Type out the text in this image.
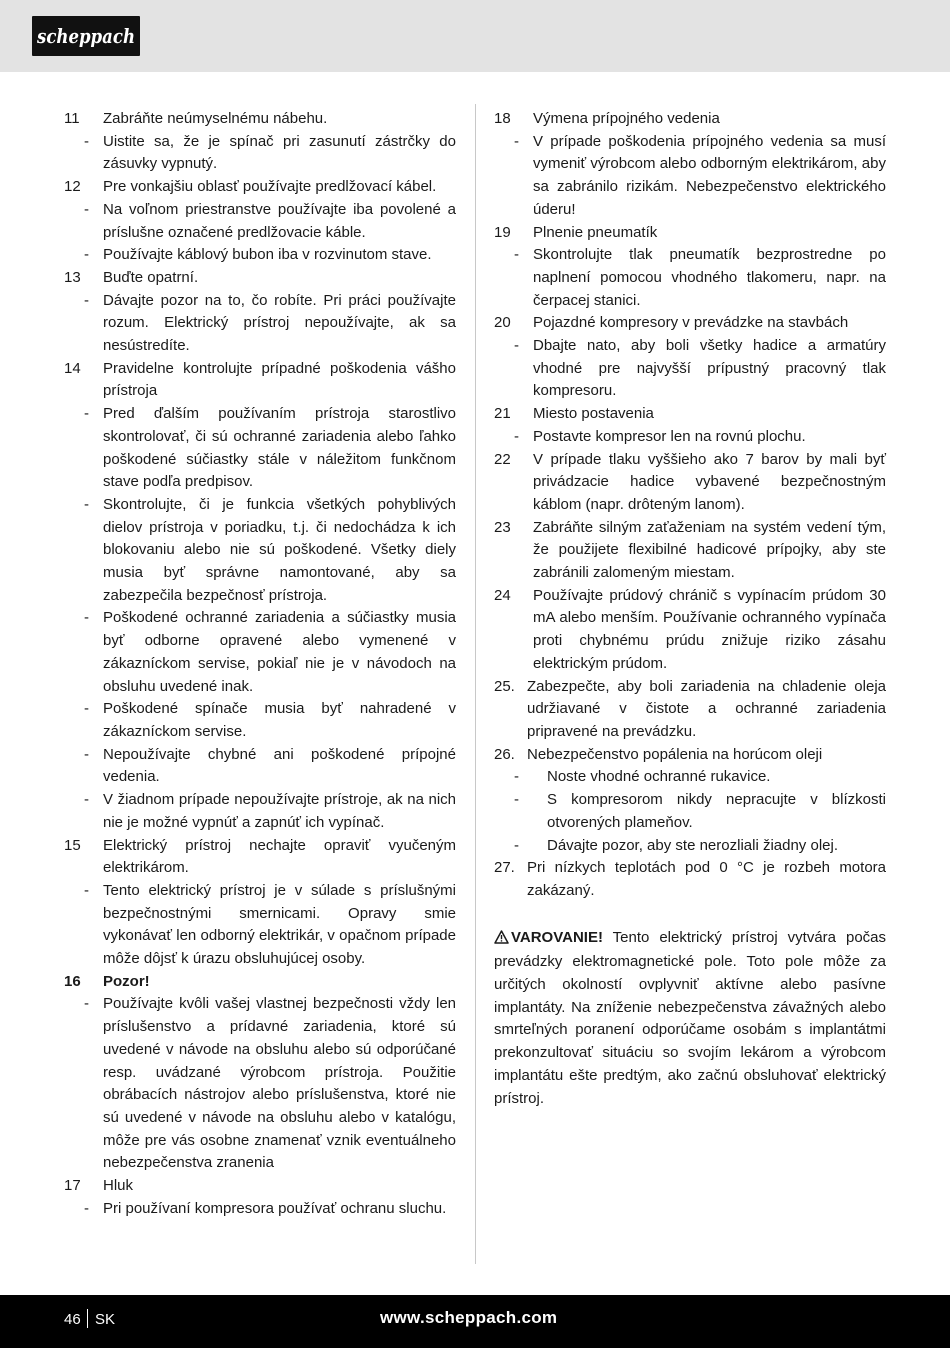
scheppach
11 Zabráňte neúmyselnému nábehu.
- Uistite sa, že je spínač pri zasunutí zástrčky do zásuvky vypnutý.
12 Pre vonkajšiu oblasť používajte predlžovací kábel.
- Na voľnom priestranstve používajte iba povolené a príslušne označené predlžovacie káble.
- Používajte káblový bubon iba v rozvinutom stave.
13 Buďte opatrní.
- Dávajte pozor na to, čo robíte. Pri práci používajte rozum. Elektrický prístroj nepoužívajte, ak sa nesústredíte.
14 Pravidelne kontrolujte prípadné poškodenia vášho prístroja
- Pred ďalším používaním prístroja starostlivo skontrolovať, či sú ochranné zariadenia alebo ľahko poškodené súčiastky stále v náležitom funkčnom stave podľa predpisov.
- Skontrolujte, či je funkcia všetkých pohyblivých dielov prístroja v poriadku, t.j. či nedochádza k ich blokovaniu alebo nie sú poškodené. Všetky diely musia byť správne namontované, aby sa zabezpečila bezpečnosť prístroja.
- Poškodené ochranné zariadenia a súčiastky musia byť odborne opravené alebo vymenené v zákazníckom servise, pokiaľ nie je v návodoch na obsluhu uvedené inak.
- Poškodené spínače musia byť nahradené v zákazníckom servise.
- Nepoužívajte chybné ani poškodené prípojné vedenia.
- V žiadnom prípade nepoužívajte prístroje, ak na nich nie je možné vypnúť a zapnúť ich vypínač.
15 Elektrický prístroj nechajte opraviť vyučeným elektrikárom.
- Tento elektrický prístroj je v súlade s príslušnými bezpečnostnými smernicami. Opravy smie vykonávať len odborný elektrikár, v opačnom prípade môže dôjsť k úrazu obsluhujúcej osoby.
16 Pozor!
- Používajte kvôli vašej vlastnej bezpečnosti vždy len príslušenstvo a prídavné zariadenia, ktoré sú uvedené v návode na obsluhu alebo sú odporúčané resp. uvádzané výrobcom prístroja. Použitie obrábacích nástrojov alebo príslušenstva, ktoré nie sú uvedené v návode na obsluhu alebo v katalógu, môže pre vás osobne znamenať vznik eventuálneho nebezpečenstva zranenia
17 Hluk
- Pri používaní kompresora používať ochranu sluchu.
18 Výmena prípojného vedenia
- V prípade poškodenia prípojného vedenia sa musí vymeniť výrobcom alebo odborným elektrikárom, aby sa zabránilo rizikám. Nebezpečenstvo elektrického úderu!
19 Plnenie pneumatík
- Skontrolujte tlak pneumatík bezprostredne po naplnení pomocou vhodného tlakomeru, napr. na čerpacej stanici.
20 Pojazdné kompresory v prevádzke na stavbách
- Dbajte nato, aby boli všetky hadice a armatúry vhodné pre najvyšší prípustný pracovný tlak kompresoru.
21 Miesto postavenia
- Postavte kompresor len na rovnú plochu.
22 V prípade tlaku vyššieho ako 7 barov by mali byť privádzacie hadice vybavené bezpečnostným káblom (napr. drôteným lanom).
23 Zabráňte silným zaťaženiam na systém vedení tým, že použijete flexibilné hadicové prípojky, aby ste zabránili zalomeným miestam.
24 Používajte prúdový chránič s vypínacím prúdom 30 mA alebo menším. Používanie ochranného vypínača proti chybnému prúdu znižuje riziko zásahu elektrickým prúdom.
25. Zabezpečte, aby boli zariadenia na chladenie oleja udržiavané v čistote a ochranné zariadenia pripravené na prevádzku.
26. Nebezpečenstvo popálenia na horúcom oleji
- Noste vhodné ochranné rukavice.
- S kompresorom nikdy nepracujte v blízkosti otvorených plameňov.
- Dávajte pozor, aby ste nerozliali žiadny olej.
27. Pri nízkych teplotách pod 0 °C je rozbeh motora zakázaný.
VAROVANIE! Tento elektrický prístroj vytvára počas prevádzky elektromagnetické pole. Toto pole môže za určitých okolností ovplyvniť aktívne alebo pasívne implantáty. Na zníženie nebezpečenstva závažných alebo smrteľných poranení odporúčame osobám s implantátmi prekonzultovať situáciu so svojím lekárom a výrobcom implantátu ešte predtým, ako začnú obsluhovať elektrický prístroj.
46 SK	www.scheppach.com
